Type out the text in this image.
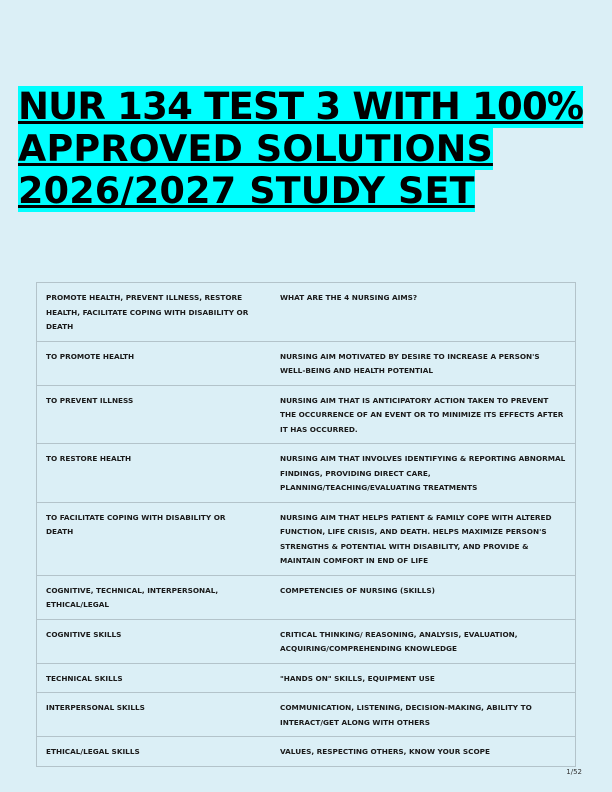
NUR 134 TEST 3 WITH 100%
APPROVED SOLUTIONS
2026/2027 STUDY SET
PROMOTE HEALTH, PREVENT ILLNESS, RESTORE HEALTH, FACILITATE COPING WITH DISABILITY OR DEATH	WHAT ARE THE 4 NURSING AIMS?
TO PROMOTE HEALTH	NURSING AIM MOTIVATED BY DESIRE TO INCREASE A PERSON'S WELL-BEING AND HEALTH POTENTIAL
TO PREVENT ILLNESS	NURSING AIM THAT IS ANTICIPATORY ACTION TAKEN TO PREVENT THE OCCURRENCE OF AN EVENT OR TO MINIMIZE ITS EFFECTS AFTER IT HAS OCCURRED.
TO RESTORE HEALTH	NURSING AIM THAT INVOLVES IDENTIFYING & REPORTING ABNORMAL FINDINGS, PROVIDING DIRECT CARE, PLANNING/TEACHING/EVALUATING TREATMENTS
TO FACILITATE COPING WITH DISABILITY OR DEATH	NURSING AIM THAT HELPS PATIENT & FAMILY COPE WITH ALTERED FUNCTION, LIFE CRISIS, AND DEATH. HELPS MAXIMIZE PERSON'S STRENGTHS & POTENTIAL WITH DISABILITY, AND PROVIDE & MAINTAIN COMFORT IN END OF LIFE
COGNITIVE, TECHNICAL, INTERPERSONAL, ETHICAL/LEGAL	COMPETENCIES OF NURSING (SKILLS)
COGNITIVE SKILLS	CRITICAL THINKING/ REASONING, ANALYSIS, EVALUATION, ACQUIRING/COMPREHENDING KNOWLEDGE
TECHNICAL SKILLS	"HANDS ON" SKILLS, EQUIPMENT USE
INTERPERSONAL SKILLS	COMMUNICATION, LISTENING, DECISION-MAKING, ABILITY TO INTERACT/GET ALONG WITH OTHERS
ETHICAL/LEGAL SKILLS	VALUES, RESPECTING OTHERS, KNOW YOUR SCOPE
1/52
